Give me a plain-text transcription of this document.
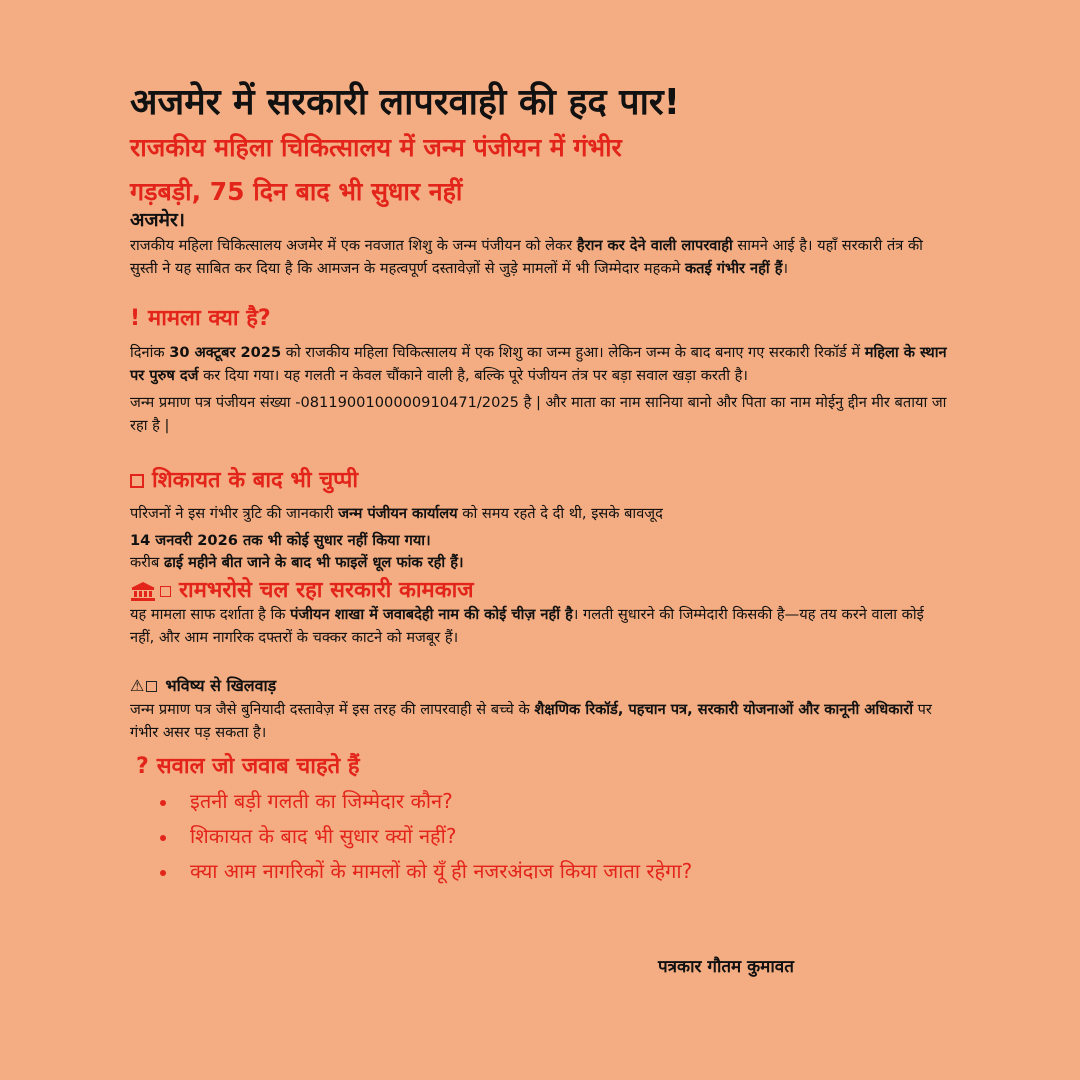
अजमेर में सरकारी लापरवाही की हद पार!
राजकीय महिला चिकित्सालय में जन्म पंजीयन में गंभीर
गड़बड़ी, 75 दिन बाद भी सुधार नहीं
अजमेर।

राजकीय महिला चिकित्सालय अजमेर में एक नवजात शिशु के जन्म पंजीयन को लेकर हैरान कर देने वाली लापरवाही सामने आई है। यहाँ सरकारी तंत्र की सुस्ती ने यह साबित कर दिया है कि आमजन के महत्वपूर्ण दस्तावेज़ों से जुड़े मामलों में भी जिम्मेदार महकमे कतई गंभीर नहीं हैं।

! मामला क्या है?

दिनांक 30 अक्टूबर 2025 को राजकीय महिला चिकित्सालय में एक शिशु का जन्म हुआ। लेकिन जन्म के बाद बनाए गए सरकारी रिकॉर्ड में महिला के स्थान पर पुरुष दर्ज कर दिया गया। यह गलती न केवल चौंकाने वाली है, बल्कि पूरे पंजीयन तंत्र पर बड़ा सवाल खड़ा करती है।

जन्म प्रमाण पत्र पंजीयन संख्या -0811900100000910471/2025 है | और माता का नाम सानिया बानो और पिता का नाम मोईनु द्दीन मीर बताया जा रहा है |

शिकायत के बाद भी चुप्पी

परिजनों ने इस गंभीर त्रुटि की जानकारी जन्म पंजीयन कार्यालय को समय रहते दे दी थी, इसके बावजूद

14 जनवरी 2026 तक भी कोई सुधार नहीं किया गया।

करीब ढाई महीने बीत जाने के बाद भी फाइलें धूल फांक रही हैं।

रामभरोसे चल रहा सरकारी कामकाज

यह मामला साफ दर्शाता है कि पंजीयन शाखा में जवाबदेही नाम की कोई चीज़ नहीं है। गलती सुधारने की जिम्मेदारी किसकी है—यह तय करने वाला कोई नहीं, और आम नागरिक दफ्तरों के चक्कर काटने को मजबूर हैं।

⚠ भविष्य से खिलवाड़

जन्म प्रमाण पत्र जैसे बुनियादी दस्तावेज़ में इस तरह की लापरवाही से बच्चे के शैक्षणिक रिकॉर्ड, पहचान पत्र, सरकारी योजनाओं और कानूनी अधिकारों पर गंभीर असर पड़ सकता है।

? सवाल जो जवाब चाहते हैं
इतनी बड़ी गलती का जिम्मेदार कौन?
शिकायत के बाद भी सुधार क्यों नहीं?
क्या आम नागरिकों के मामलों को यूँ ही नजरअंदाज किया जाता रहेगा?
पत्रकार गौतम कुमावत
